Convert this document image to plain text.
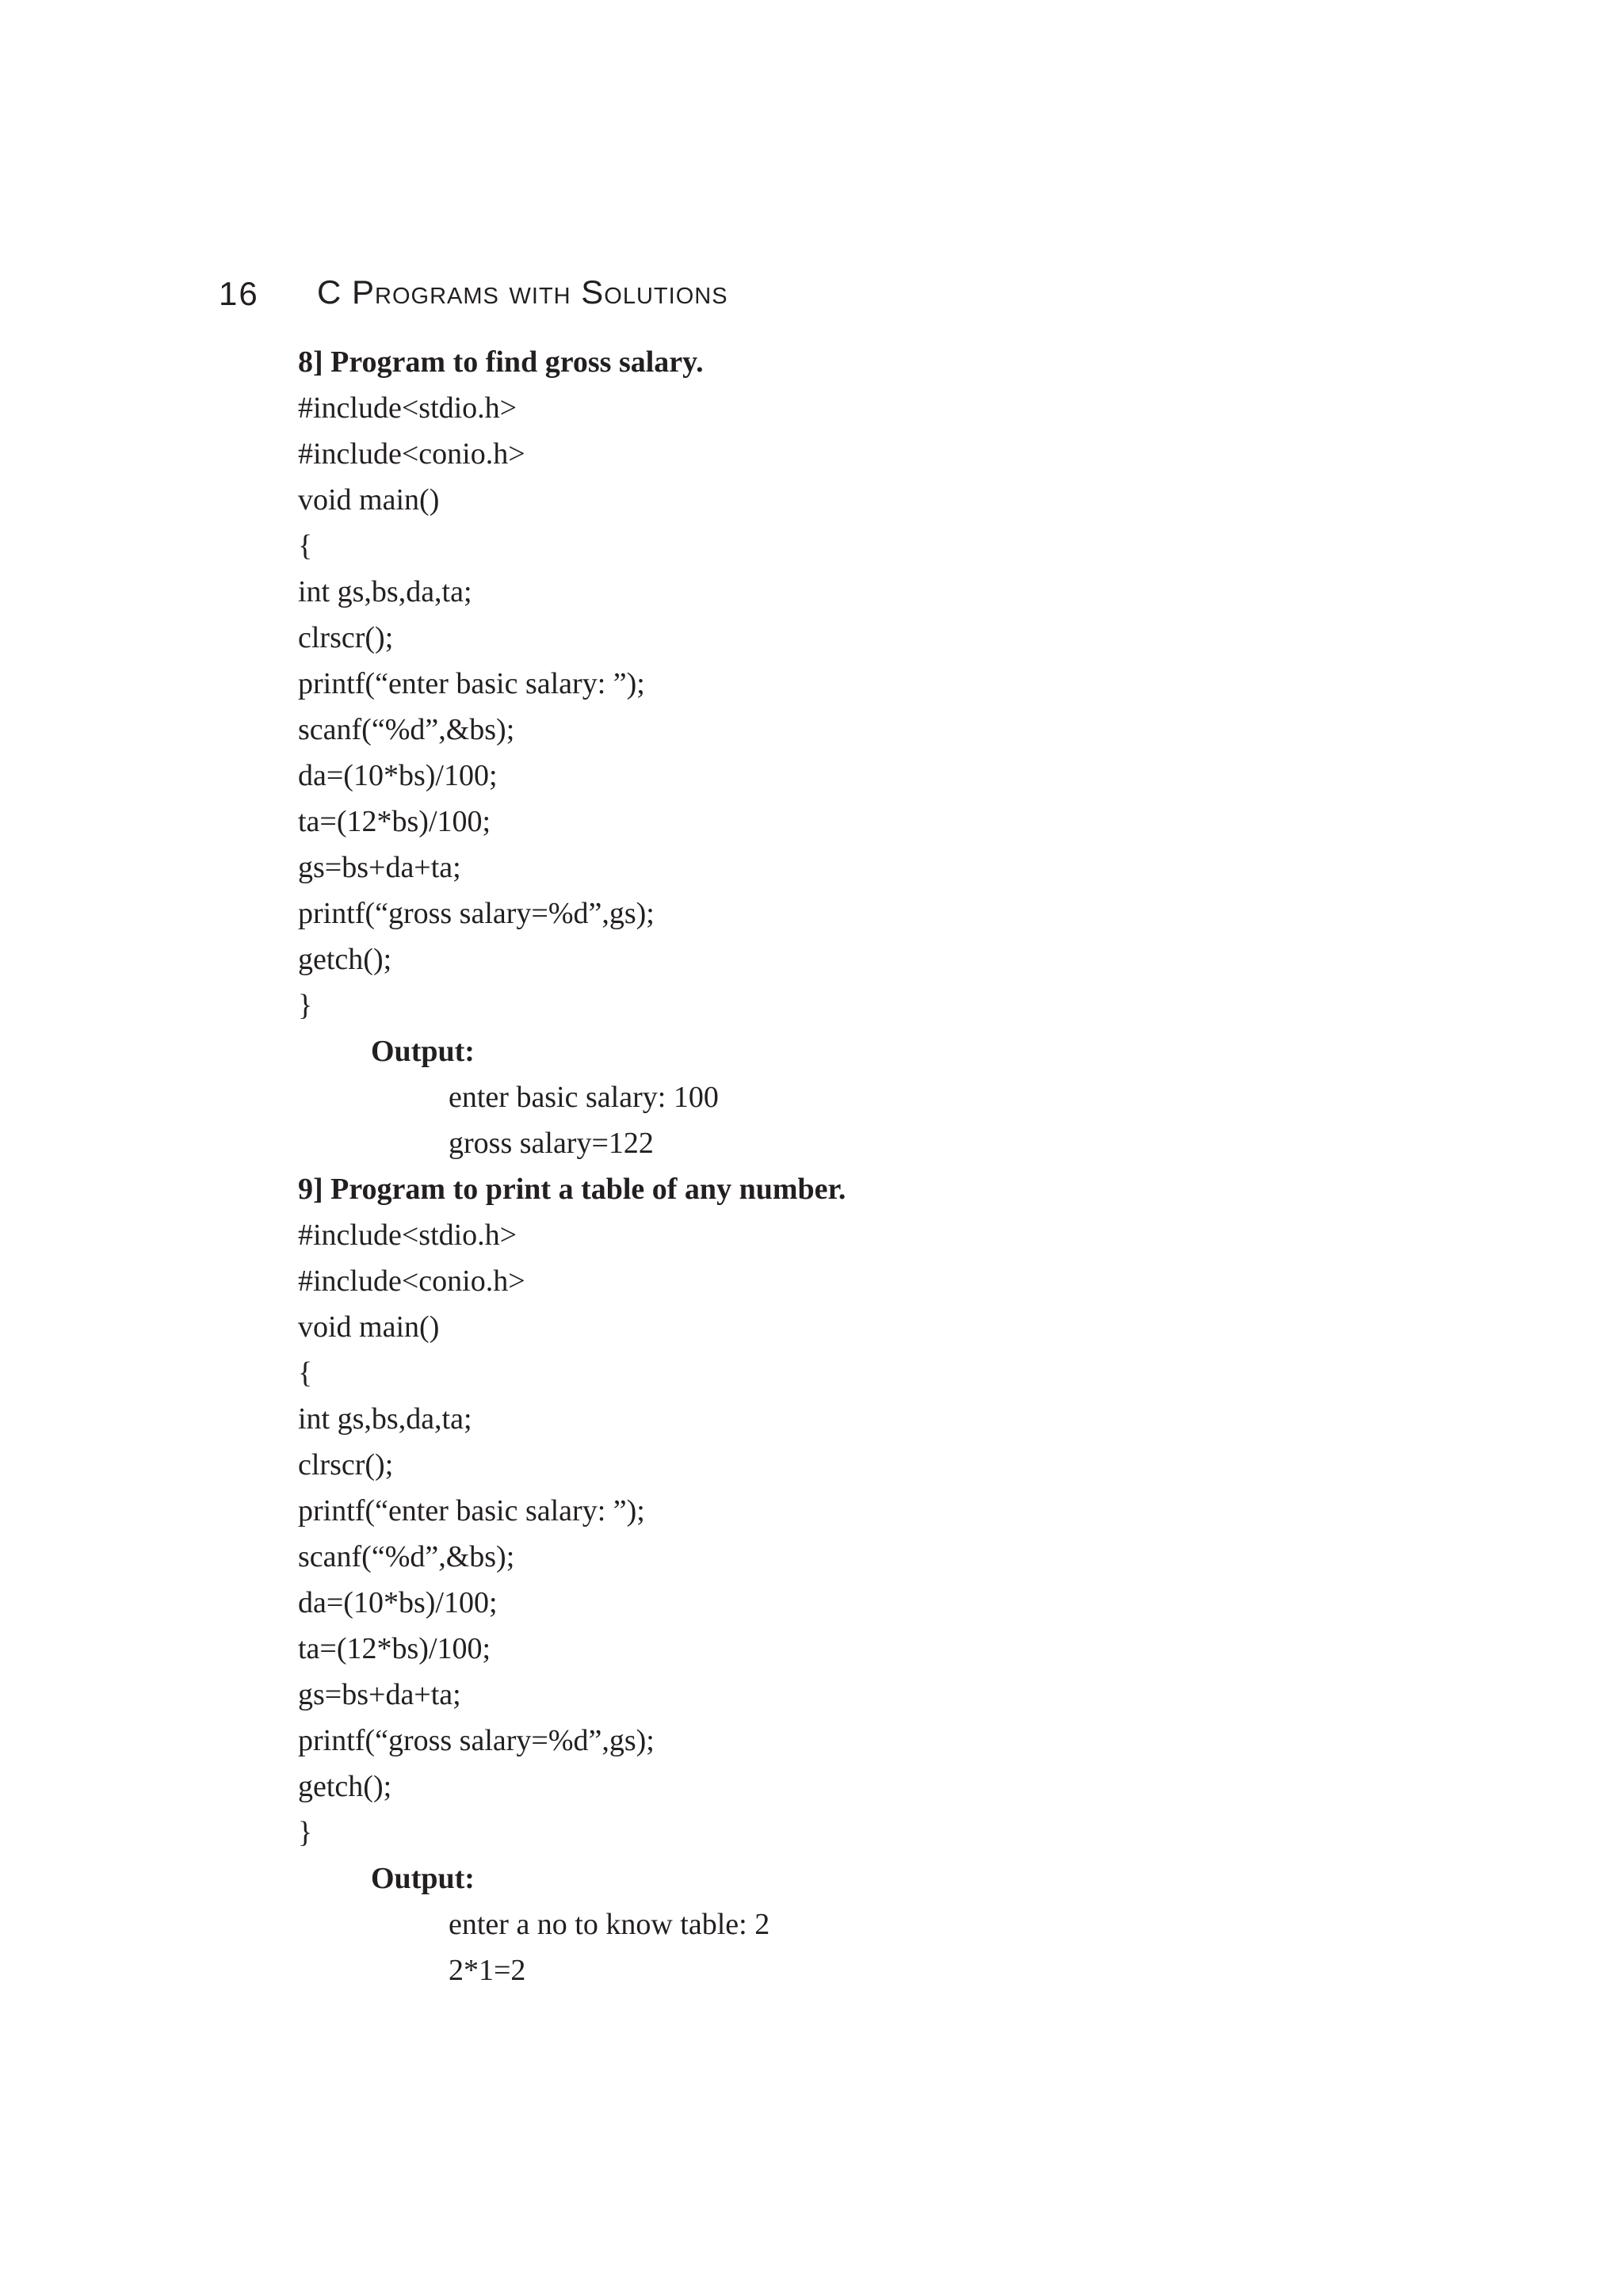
16 C Programs with Solutions
8] Program to find gross salary.
#include<stdio.h>
#include<conio.h>
void main()
{
int gs,bs,da,ta;
clrscr();
printf(“enter basic salary: ”);
scanf(“%d”,&bs);
da=(10*bs)/100;
ta=(12*bs)/100;
gs=bs+da+ta;
printf(“gross salary=%d”,gs);
getch();
}
Output:
enter basic salary: 100
gross salary=122
9] Program to print a table of any number.
#include<stdio.h>
#include<conio.h>
void main()
{
int gs,bs,da,ta;
clrscr();
printf(“enter basic salary: ”);
scanf(“%d”,&bs);
da=(10*bs)/100;
ta=(12*bs)/100;
gs=bs+da+ta;
printf(“gross salary=%d”,gs);
getch();
}
Output:
enter a no to know table: 2
2*1=2
